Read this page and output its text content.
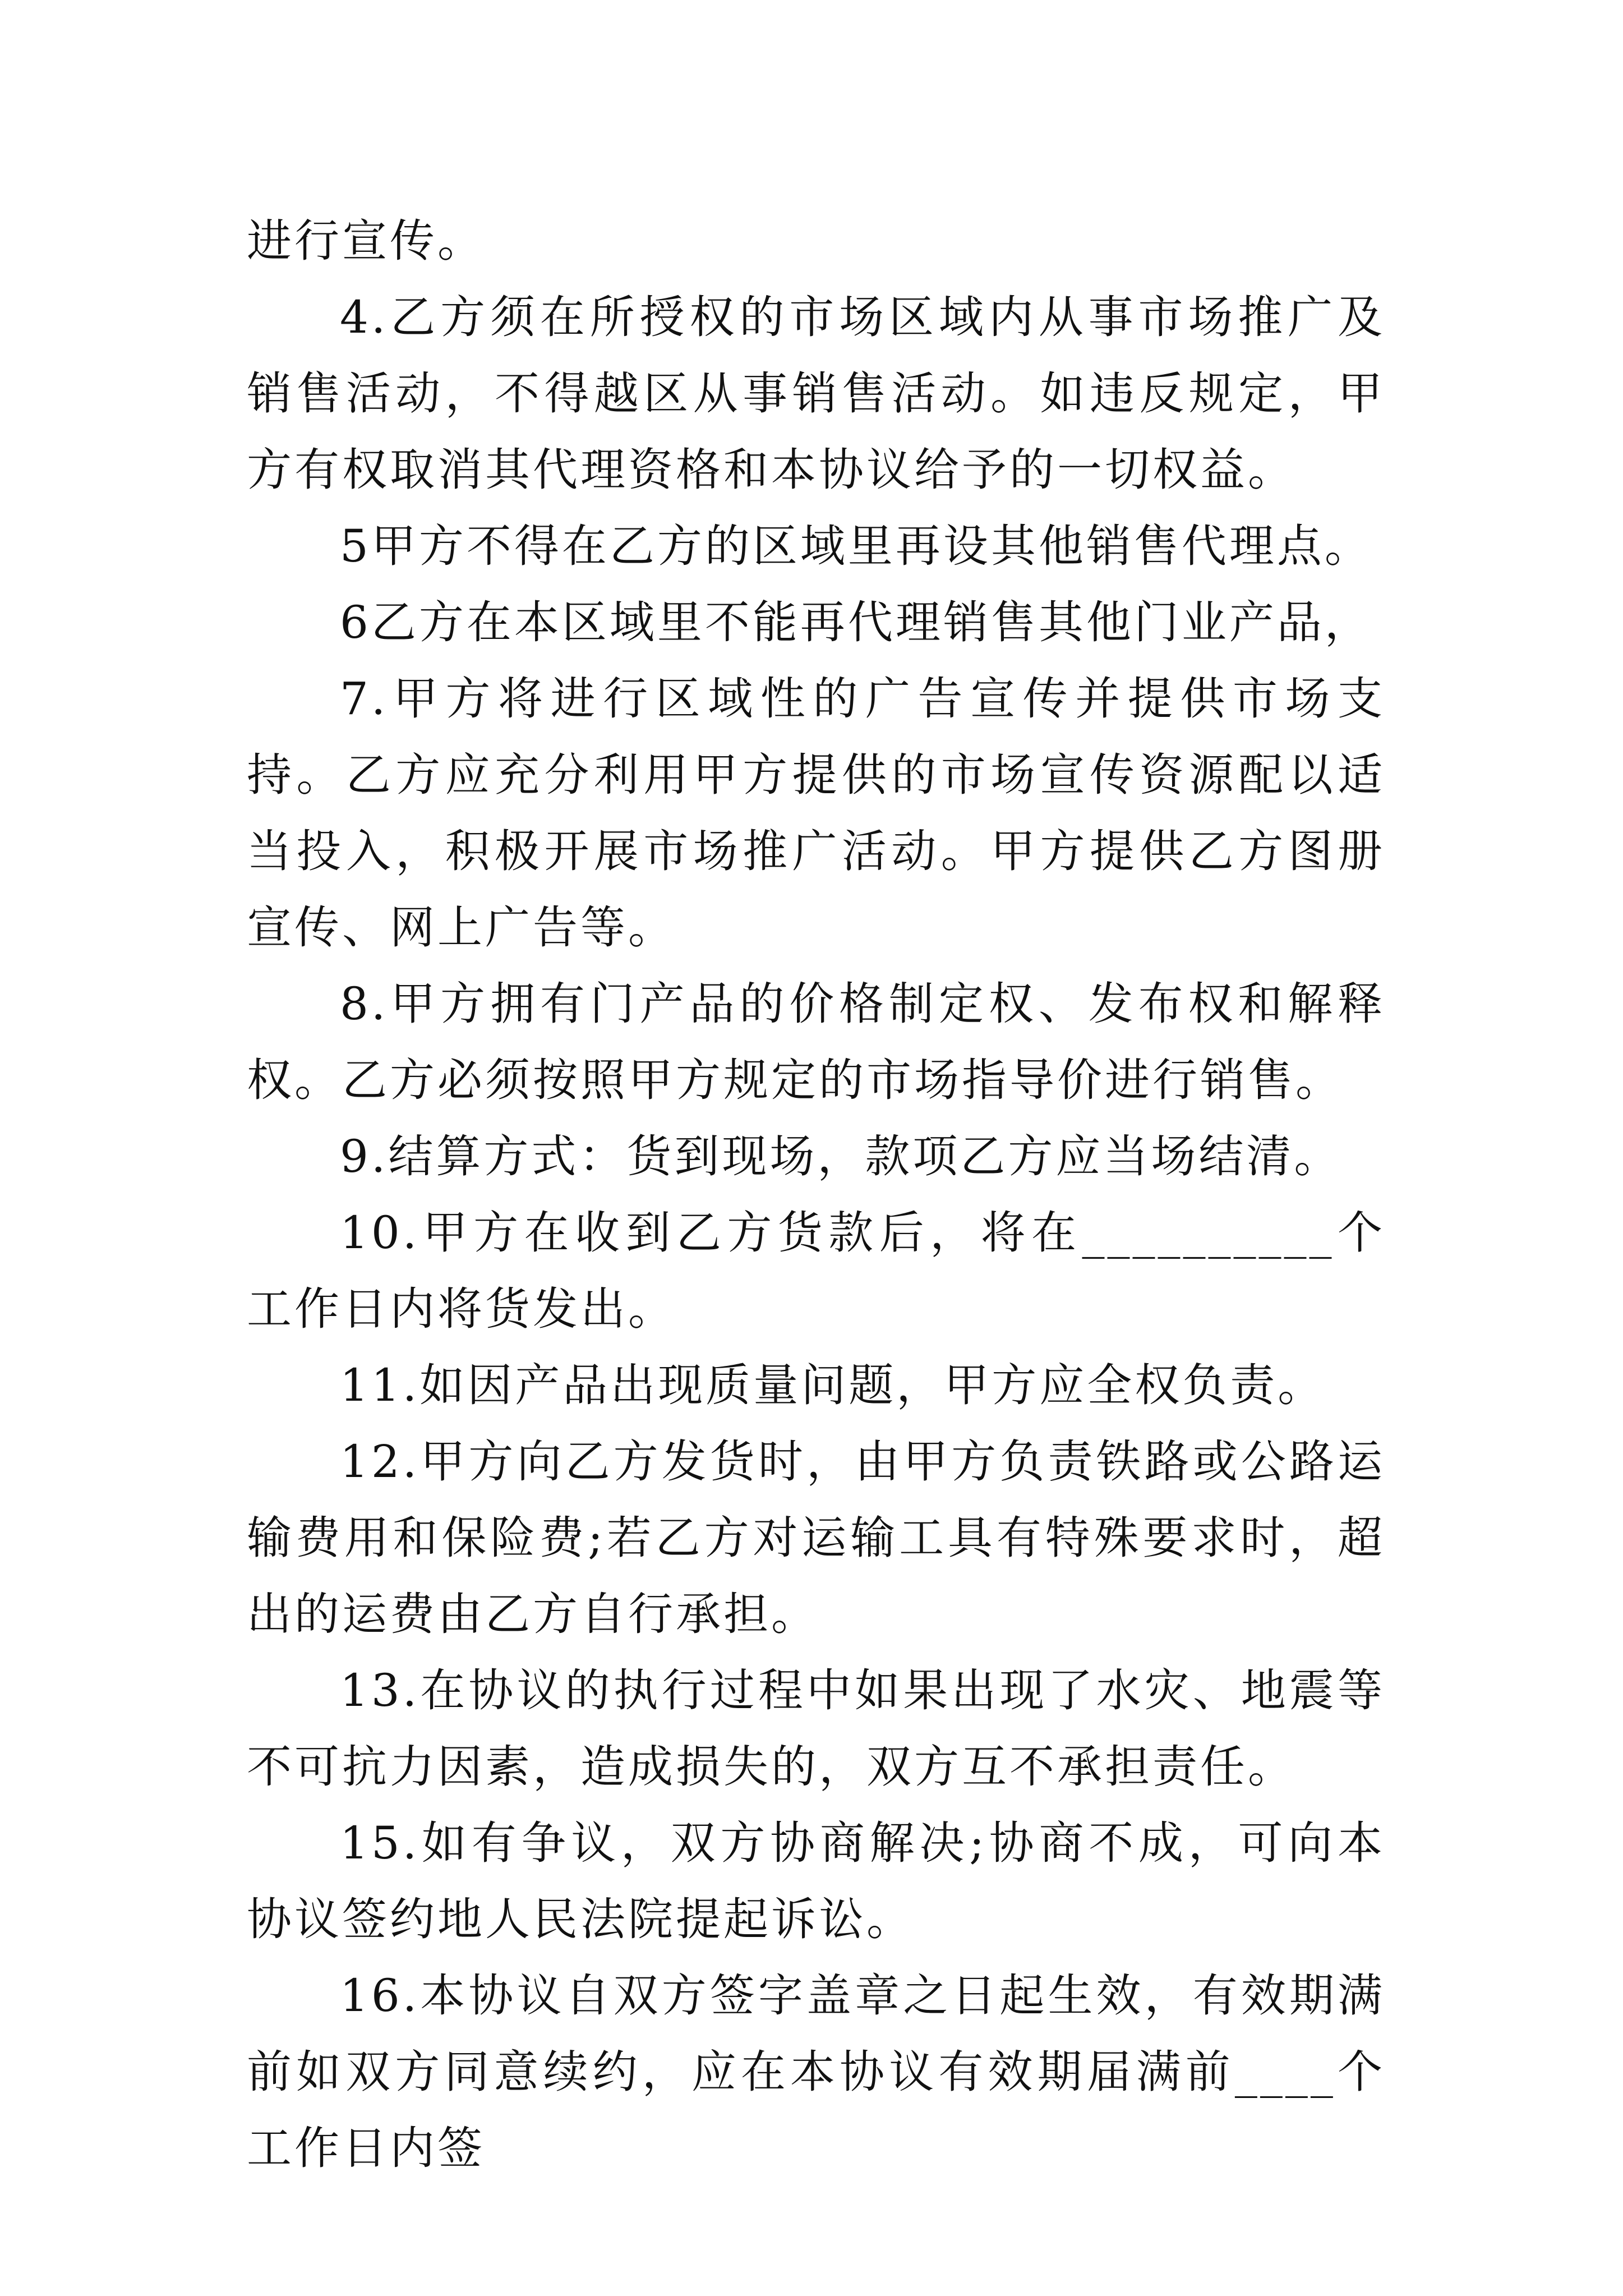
进行宣传。

4.乙方须在所授权的市场区域内从事市场推广及销售活动，不得越区从事销售活动。如违反规定，甲方有权取消其代理资格和本协议给予的一切权益。

5甲方不得在乙方的区域里再设其他销售代理点。

6乙方在本区域里不能再代理销售其他门业产品，

7.甲方将进行区域性的广告宣传并提供市场支持。乙方应充分利用甲方提供的市场宣传资源配以适当投入，积极开展市场推广活动。甲方提供乙方图册宣传、网上广告等。

8.甲方拥有门产品的价格制定权、发布权和解释权。乙方必须按照甲方规定的市场指导价进行销售。

9.结算方式：货到现场，款项乙方应当场结清。

10.甲方在收到乙方货款后，将在__________个工作日内将货发出。

11.如因产品出现质量问题，甲方应全权负责。

12.甲方向乙方发货时，由甲方负责铁路或公路运输费用和保险费;若乙方对运输工具有特殊要求时，超出的运费由乙方自行承担。

13.在协议的执行过程中如果出现了水灾、地震等不可抗力因素，造成损失的，双方互不承担责任。

15.如有争议，双方协商解决;协商不成，可向本协议签约地人民法院提起诉讼。

16.本协议自双方签字盖章之日起生效，有效期满前如双方同意续约，应在本协议有效期届满前____个工作日内签
